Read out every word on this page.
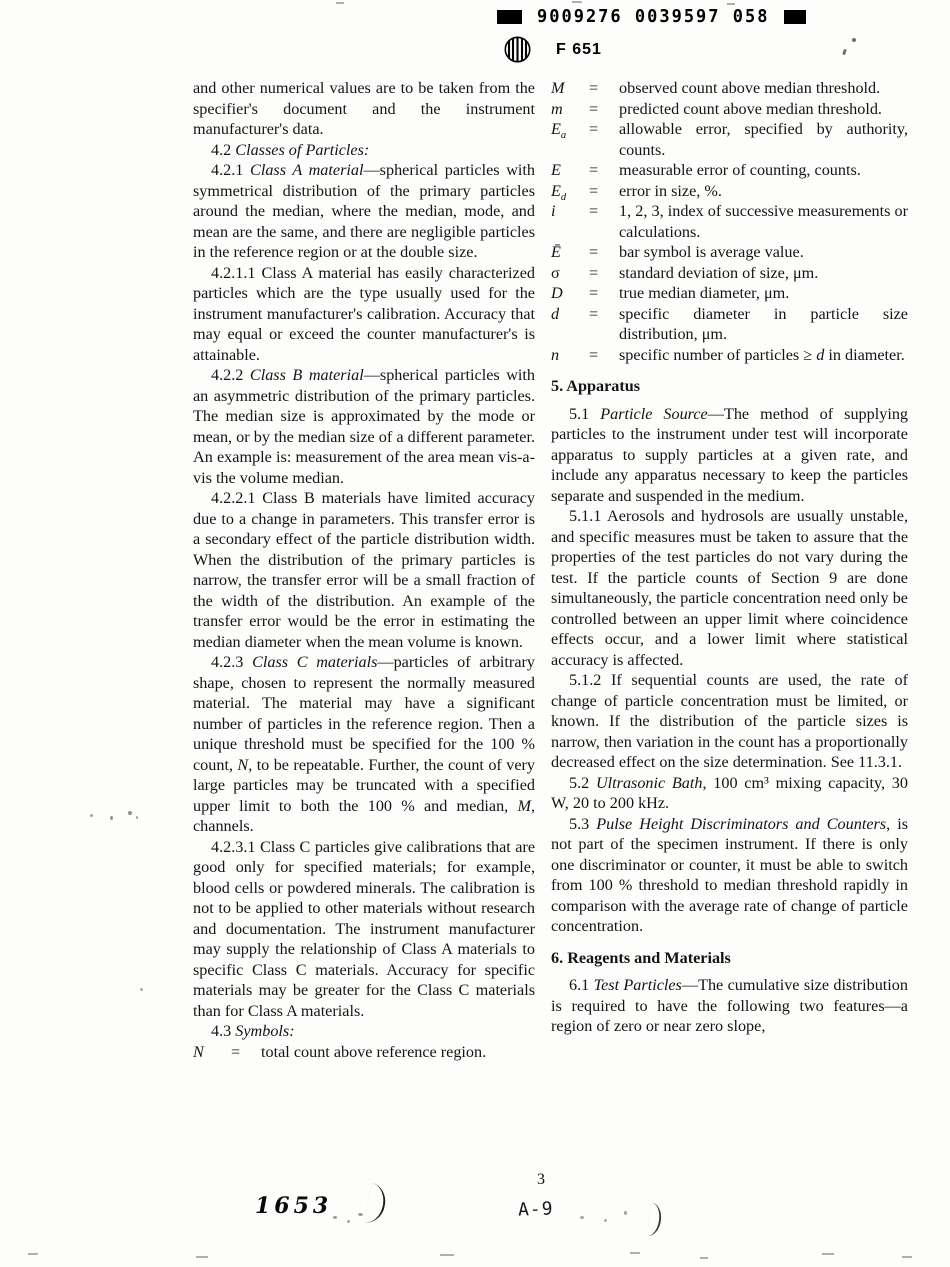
9009276 0039597 058
F 651

and other numerical values are to be taken from the specifier's document and the instrument manufacturer's data.

4.2 Classes of Particles:

4.2.1 Class A material—spherical particles with symmetrical distribution of the primary particles around the median, where the median, mode, and mean are the same, and there are negligible particles in the reference region or at the double size.

4.2.1.1 Class A material has easily characterized particles which are the type usually used for the instrument manufacturer's calibration. Accuracy that may equal or exceed the counter manufacturer's is attainable.

4.2.2 Class B material—spherical particles with an asymmetric distribution of the primary particles. The median size is approximated by the mode or mean, or by the median size of a different parameter. An example is: measurement of the area mean vis-a-vis the volume median.

4.2.2.1 Class B materials have limited accuracy due to a change in parameters. This transfer error is a secondary effect of the particle distribution width. When the distribution of the primary particles is narrow, the transfer error will be a small fraction of the width of the distribution. An example of the transfer error would be the error in estimating the median diameter when the mean volume is known.

4.2.3 Class C materials—particles of arbitrary shape, chosen to represent the normally measured material. The material may have a significant number of particles in the reference region. Then a unique threshold must be specified for the 100 % count, N, to be repeatable. Further, the count of very large particles may be truncated with a specified upper limit to both the 100 % and median, M, channels.

4.2.3.1 Class C particles give calibrations that are good only for specified materials; for example, blood cells or powdered minerals. The calibration is not to be applied to other materials without research and documentation. The instrument manufacturer may supply the relationship of Class A materials to specific Class C materials. Accuracy for specific materials may be greater for the Class C materials than for Class A materials.

4.3 Symbols:

N	=	total count above reference region.
M	=	observed count above median threshold.
m	=	predicted count above median threshold.
$E_a$	=	allowable error, specified by authority, counts.
E	=	measurable error of counting, counts.
$E_d$	=	error in size, %.
i	=	1, 2, 3, index of successive measurements or calculations.
Ē	=	bar symbol is average value.
σ	=	standard deviation of size, μm.
D	=	true median diameter, μm.
d	=	specific diameter in particle size distribution, μm.
n	=	specific number of particles ≥ d in diameter.
5. Apparatus

5.1 Particle Source—The method of supplying particles to the instrument under test will incorporate apparatus to supply particles at a given rate, and include any apparatus necessary to keep the particles separate and suspended in the medium.

5.1.1 Aerosols and hydrosols are usually unstable, and specific measures must be taken to assure that the properties of the test particles do not vary during the test. If the particle counts of Section 9 are done simultaneously, the particle concentration need only be controlled between an upper limit where coincidence effects occur, and a lower limit where statistical accuracy is affected.

5.1.2 If sequential counts are used, the rate of change of particle concentration must be limited, or known. If the distribution of the particle sizes is narrow, then variation in the count has a proportionally decreased effect on the size determination. See 11.3.1.

5.2 Ultrasonic Bath, 100 cm³ mixing capacity, 30 W, 20 to 200 kHz.

5.3 Pulse Height Discriminators and Counters, is not part of the specimen instrument. If there is only one discriminator or counter, it must be able to switch from 100 % threshold to median threshold rapidly in comparison with the average rate of change of particle concentration.

6. Reagents and Materials

6.1 Test Particles—The cumulative size distribution is required to have the following two features—a region of zero or near zero slope,

1653
3
A-9
